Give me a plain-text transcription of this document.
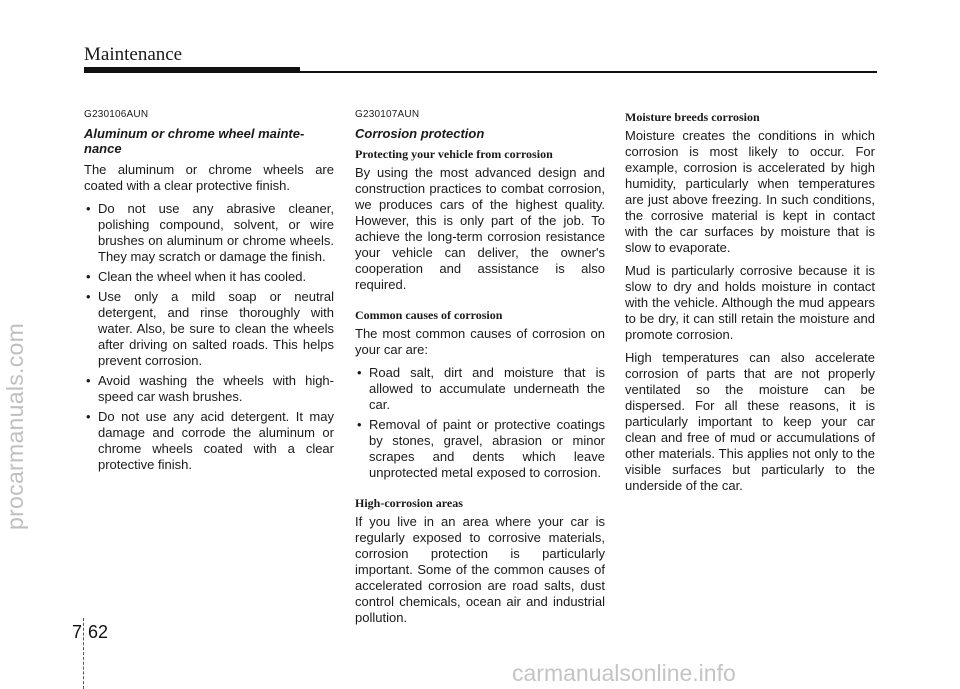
Maintenance
procarmanuals.com
G230106AUN
Aluminum or chrome wheel mainte-nance

The aluminum or chrome wheels are coated with a clear protective finish.

• Do not use any abrasive cleaner, polishing compound, solvent, or wire brushes on aluminum or chrome wheels. They may scratch or damage the finish.
• Clean the wheel when it has cooled.
• Use only a mild soap or neutral detergent, and rinse thoroughly with water. Also, be sure to clean the wheels after driving on salted roads. This helps prevent corrosion.
• Avoid washing the wheels with high-speed car wash brushes.
• Do not use any acid detergent. It may damage and corrode the aluminum or chrome wheels coated with a clear protective finish.
G230107AUN
Corrosion protection
Protecting your vehicle from corrosion

By using the most advanced design and construction practices to combat corrosion, we produces cars of the highest quality. However, this is only part of the job. To achieve the long-term corrosion resistance your vehicle can deliver, the owner's cooperation and assistance is also required.

Common causes of corrosion

The most common causes of corrosion on your car are:

• Road salt, dirt and moisture that is allowed to accumulate underneath the car.
• Removal of paint or protective coatings by stones, gravel, abrasion or minor scrapes and dents which leave unprotected metal exposed to corrosion.
High-corrosion areas

If you live in an area where your car is regularly exposed to corrosive materials, corrosion protection is particularly important. Some of the common causes of accelerated corrosion are road salts, dust control chemicals, ocean air and industrial pollution.

Moisture breeds corrosion

Moisture creates the conditions in which corrosion is most likely to occur. For example, corrosion is accelerated by high humidity, particularly when temperatures are just above freezing. In such conditions, the corrosive material is kept in contact with the car surfaces by moisture that is slow to evaporate.

Mud is particularly corrosive because it is slow to dry and holds moisture in contact with the vehicle. Although the mud appears to be dry, it can still retain the moisture and promote corrosion.

High temperatures can also accelerate corrosion of parts that are not properly ventilated so the moisture can be dispersed. For all these reasons, it is particularly important to keep your car clean and free of mud or accumulations of other materials. This applies not only to the visible surfaces but particularly to the underside of the car.

7 62
carmanualsonline.info
